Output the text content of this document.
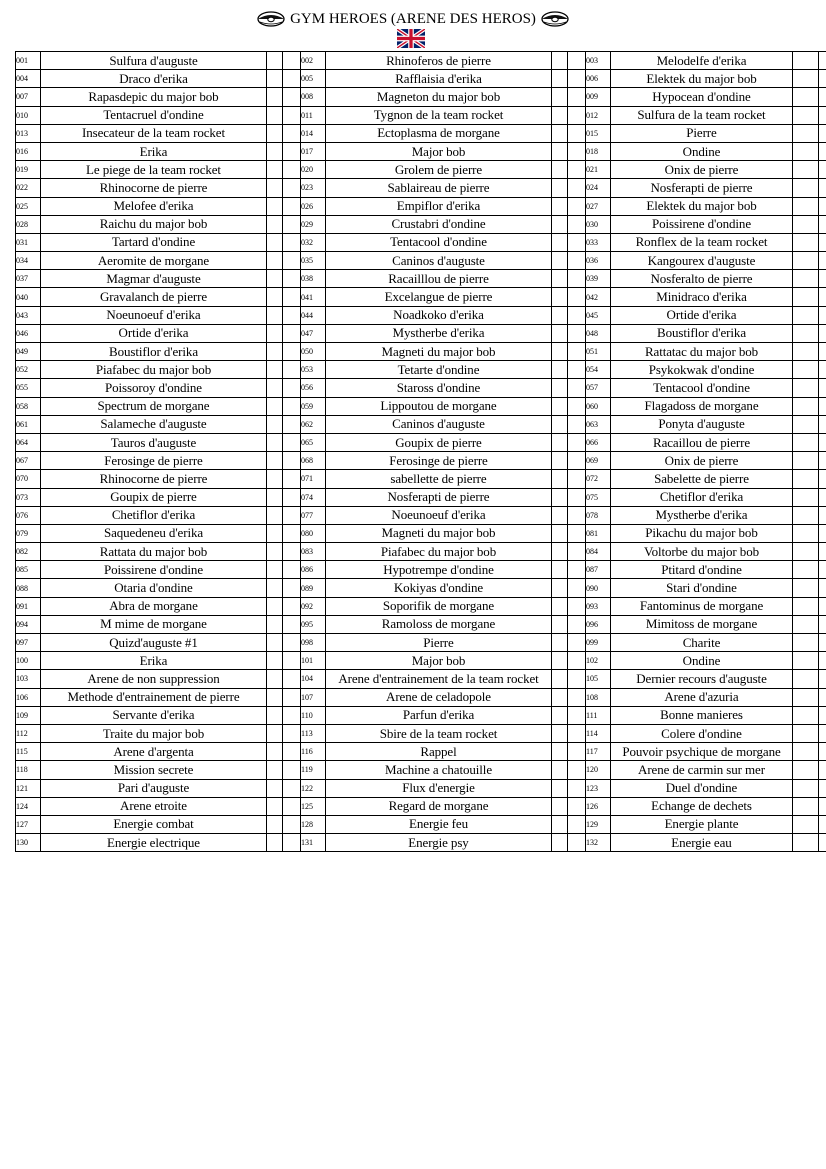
GYM HEROES (ARENE DES HEROS)
001	Sulfura d'auguste			002	Rhinoferos de pierre			003	Melodelfe d'erika		
004	Draco d'erika			005	Rafflaisia d'erika			006	Elektek du major bob		
007	Rapasdepic du major bob			008	Magneton du major bob			009	Hypocean d'ondine		
010	Tentacruel d'ondine			011	Tygnon de la team rocket			012	Sulfura de la team rocket		
013	Insecateur de la team rocket			014	Ectoplasma de morgane			015	Pierre		
016	Erika			017	Major bob			018	Ondine		
019	Le piege de la team rocket			020	Grolem de pierre			021	Onix de pierre		
022	Rhinocorne de pierre			023	Sablaireau de pierre			024	Nosferapti de pierre		
025	Melofee d'erika			026	Empiflor d'erika			027	Elektek du major bob		
028	Raichu du major bob			029	Crustabri d'ondine			030	Poissirene d'ondine		
031	Tartard d'ondine			032	Tentacool d'ondine			033	Ronflex de la team rocket		
034	Aeromite de morgane			035	Caninos d'auguste			036	Kangourex d'auguste		
037	Magmar d'auguste			038	Racailllou de pierre			039	Nosferalto de pierre		
040	Gravalanch de pierre			041	Excelangue de pierre			042	Minidraco d'erika		
043	Noeunoeuf d'erika			044	Noadkoko d'erika			045	Ortide d'erika		
046	Ortide d'erika			047	Mystherbe d'erika			048	Boustiflor d'erika		
049	Boustiflor d'erika			050	Magneti du major bob			051	Rattatac du major bob		
052	Piafabec du major bob			053	Tetarte d'ondine			054	Psykokwak d'ondine		
055	Poissoroy d'ondine			056	Staross d'ondine			057	Tentacool d'ondine		
058	Spectrum de morgane			059	Lippoutou de morgane			060	Flagadoss de morgane		
061	Salameche d'auguste			062	Caninos d'auguste			063	Ponyta d'auguste		
064	Tauros d'auguste			065	Goupix de pierre			066	Racaillou de pierre		
067	Ferosinge de pierre			068	Ferosinge de pierre			069	Onix de pierre		
070	Rhinocorne de pierre			071	sabellette de pierre			072	Sabelette de pierre		
073	Goupix de pierre			074	Nosferapti de pierre			075	Chetiflor d'erika		
076	Chetiflor d'erika			077	Noeunoeuf d'erika			078	Mystherbe d'erika		
079	Saquedeneu d'erika			080	Magneti du major bob			081	Pikachu du major bob		
082	Rattata du major bob			083	Piafabec du major bob			084	Voltorbe du major bob		
085	Poissirene d'ondine			086	Hypotrempe d'ondine			087	Ptitard d'ondine		
088	Otaria d'ondine			089	Kokiyas d'ondine			090	Stari d'ondine		
091	Abra de morgane			092	Soporifik de morgane			093	Fantominus de morgane		
094	M mime de morgane			095	Ramoloss de morgane			096	Mimitoss de morgane		
097	Quizd'auguste #1			098	Pierre			099	Charite		
100	Erika			101	Major bob			102	Ondine		
103	Arene de non suppression			104	Arene d'entrainement de la team rocket			105	Dernier recours d'auguste		
106	Methode d'entrainement de pierre			107	Arene de celadopole			108	Arene d'azuria		
109	Servante d'erika			110	Parfun d'erika			111	Bonne manieres		
112	Traite du major bob			113	Sbire de la team rocket			114	Colere d'ondine		
115	Arene d'argenta			116	Rappel			117	Pouvoir psychique de morgane		
118	Mission secrete			119	Machine a chatouille			120	Arene de carmin sur mer		
121	Pari d'auguste			122	Flux d'energie			123	Duel d'ondine		
124	Arene etroite			125	Regard de morgane			126	Echange de dechets		
127	Energie combat			128	Energie feu			129	Energie plante		
130	Energie electrique			131	Energie psy			132	Energie eau		
